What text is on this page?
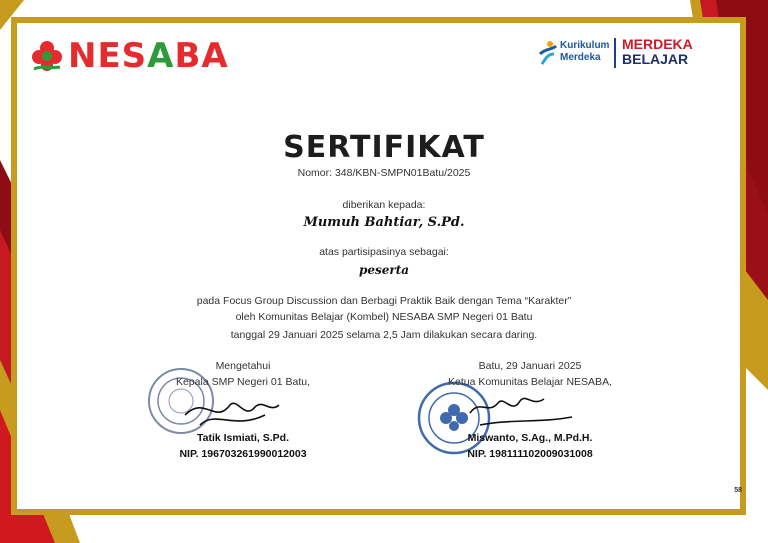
NESABA	Kurikulum
Merdeka
MERDEKA
BELAJAR
SERTIFIKAT
Nomor: 348/KBN-SMPN01Batu/2025
diberikan kepada:
Mumuh Bahtiar, S.Pd.
atas partisipasinya sebagai:
peserta
pada Focus Group Discussion dan Berbagi Praktik Baik dengan Tema “Karakter”
oleh Komunitas Belajar (Kombel) NESABA SMP Negeri 01 Batu
tanggal 29 Januari 2025 selama 2,5 Jam dilakukan secara daring.
Mengetahui
Kepala SMP Negeri 01 Batu,
Tatik Ismiati, S.Pd.
NIP. 196703261990012003
Batu, 29 Januari 2025
Ketua Komunitas Belajar NESABA,
Miswanto, S.Ag., M.Pd.H.
NIP. 198111102009031008
58
